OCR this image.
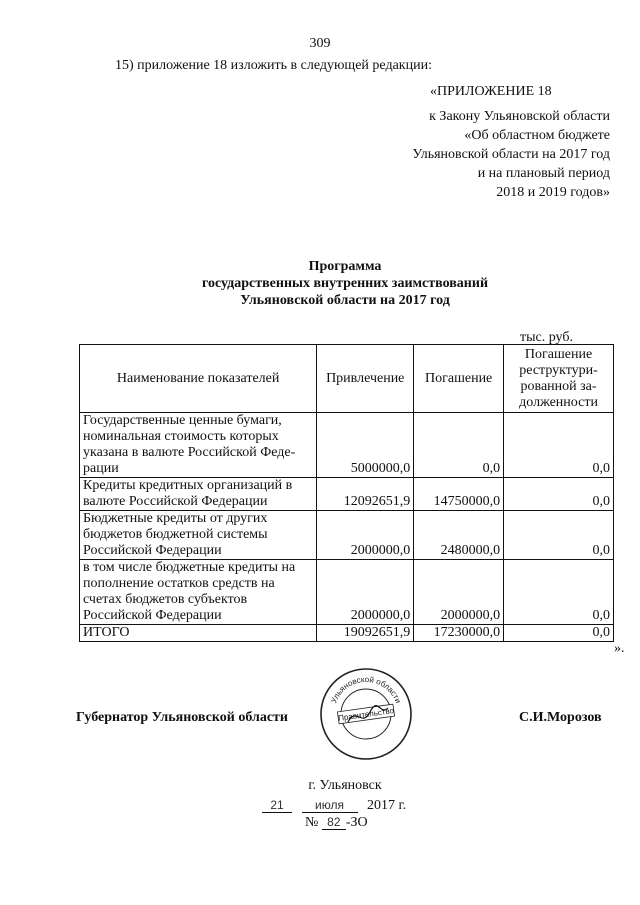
309
15) приложение 18 изложить в следующей редакции:
«ПРИЛОЖЕНИЕ 18
к Закону Ульяновской области
«Об областном бюджете
Ульяновской области на 2017 год
и на плановый период
2018 и 2019 годов»
Программа
государственных внутренних заимствований
Ульяновской области на 2017 год
тыс. руб.
Наименование показателей	Привлечение	Погашение	Погашение реструктури-рованной за-долженности
Государственные ценные бумаги, номинальная стоимость которых указана в валюте Российской Феде-рации	5000000,0	0,0	0,0
Кредиты кредитных организаций в валюте Российской Федерации	12092651,9	14750000,0	0,0
Бюджетные кредиты от других бюджетов бюджетной системы Российской Федерации	2000000,0	2480000,0	0,0
в том числе бюджетные кредиты на пополнение остатков средств на счетах бюджетов субъектов Российской Федерации	2000000,0	2000000,0	0,0
ИТОГО	19092651,9	17230000,0	0,0
».
Губернатор Ульяновской области	С.И.Морозов
Ульяновской области
Правительство
г. Ульяновск
21	июля 2017 г.
№ 82 -ЗО
